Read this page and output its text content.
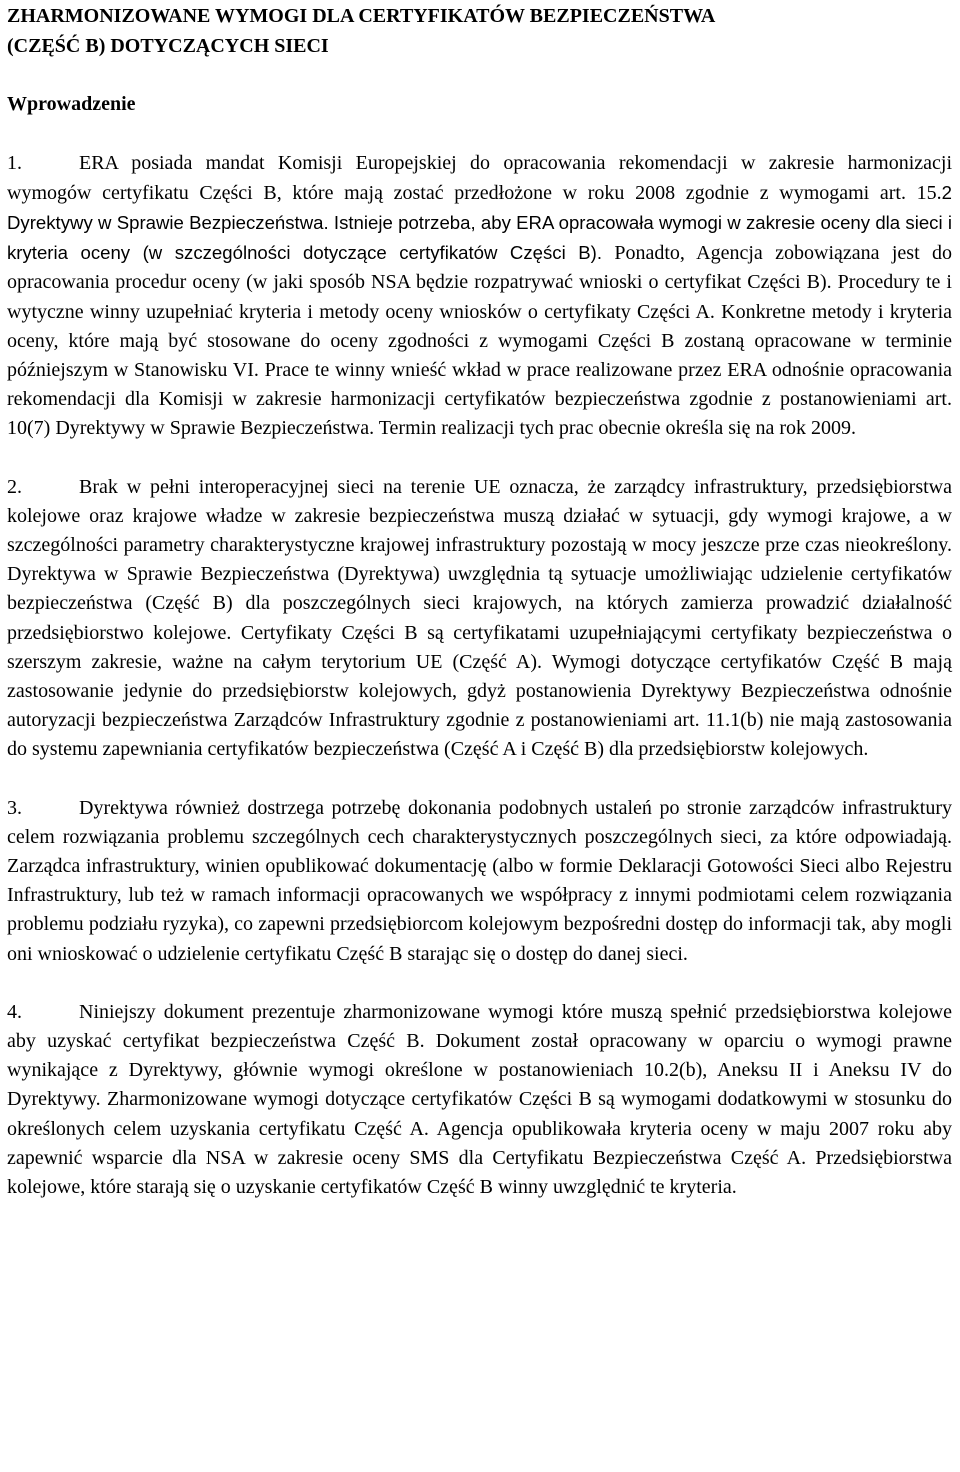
ZHARMONIZOWANE WYMOGI DLA CERTYFIKATÓW BEZPIECZEŃSTWA
(CZĘŚĆ B) DOTYCZĄCYCH SIECI
Wprowadzenie

1.	ERA posiada mandat Komisji Europejskiej do opracowania rekomendacji w zakresie harmonizacji wymogów certyfikatu Części B, które mają zostać przedłożone w roku 2008 zgodnie z wymogami art. 15.2 Dyrektywy w Sprawie Bezpieczeństwa. Istnieje potrzeba, aby ERA opracowała wymogi w zakresie oceny dla sieci i kryteria oceny (w szczególności dotyczące certyfikatów Części B). Ponadto, Agencja zobowiązana jest do opracowania procedur oceny (w jaki sposób NSA będzie rozpatrywać wnioski o certyfikat Części B). Procedury te i wytyczne winny uzupełniać kryteria i metody oceny wniosków o certyfikaty Części A. Konkretne metody i kryteria oceny, które mają być stosowane do oceny zgodności z wymogami Części B zostaną opracowane w terminie późniejszym w Stanowisku VI. Prace te winny wnieść wkład w prace realizowane przez ERA odnośnie opracowania rekomendacji dla Komisji w zakresie harmonizacji certyfikatów bezpieczeństwa zgodnie z postanowieniami art. 10(7) Dyrektywy w Sprawie Bezpieczeństwa. Termin realizacji tych prac obecnie określa się na rok 2009.

2.	Brak w pełni interoperacyjnej sieci na terenie UE oznacza, że zarządcy infrastruktury, przedsiębiorstwa kolejowe oraz krajowe władze w zakresie bezpieczeństwa muszą działać w sytuacji, gdy wymogi krajowe, a w szczególności parametry charakterystyczne krajowej infrastruktury pozostają w mocy jeszcze prze czas nieokreślony. Dyrektywa w Sprawie Bezpieczeństwa (Dyrektywa) uwzględnia tą sytuacje umożliwiając udzielenie certyfikatów bezpieczeństwa (Część B) dla poszczególnych sieci krajowych, na których zamierza prowadzić działalność przedsiębiorstwo kolejowe. Certyfikaty Części B są certyfikatami uzupełniającymi certyfikaty bezpieczeństwa o szerszym zakresie, ważne na całym terytorium UE (Część A). Wymogi dotyczące certyfikatów Część B mają zastosowanie jedynie do przedsiębiorstw kolejowych, gdyż postanowienia Dyrektywy Bezpieczeństwa odnośnie autoryzacji bezpieczeństwa Zarządców Infrastruktury zgodnie z postanowieniami art. 11.1(b) nie mają zastosowania do systemu zapewniania certyfikatów bezpieczeństwa (Część A i Część B) dla przedsiębiorstw kolejowych.

3.	Dyrektywa również dostrzega potrzebę dokonania podobnych ustaleń po stronie zarządców infrastruktury celem rozwiązania problemu szczególnych cech charakterystycznych poszczególnych sieci, za które odpowiadają. Zarządca infrastruktury, winien opublikować dokumentację (albo w formie Deklaracji Gotowości Sieci albo Rejestru Infrastruktury, lub też w ramach informacji opracowanych we współpracy z innymi podmiotami celem rozwiązania problemu podziału ryzyka), co zapewni przedsiębiorcom kolejowym bezpośredni dostęp do informacji tak, aby mogli oni wnioskować o udzielenie certyfikatu Część B starając się o dostęp do danej sieci.

4.	Niniejszy dokument prezentuje zharmonizowane wymogi które muszą spełnić przedsiębiorstwa kolejowe aby uzyskać certyfikat bezpieczeństwa Część B. Dokument został opracowany w oparciu o wymogi prawne wynikające z Dyrektywy, głównie wymogi określone w postanowieniach 10.2(b), Aneksu II i Aneksu IV do Dyrektywy. Zharmonizowane wymogi dotyczące certyfikatów Części B są wymogami dodatkowymi w stosunku do określonych celem uzyskania certyfikatu Część A. Agencja opublikowała kryteria oceny w maju 2007 roku aby zapewnić wsparcie dla NSA w zakresie oceny SMS dla Certyfikatu Bezpieczeństwa Część A. Przedsiębiorstwa kolejowe, które starają się o uzyskanie certyfikatów Część B winny uwzględnić te kryteria.
